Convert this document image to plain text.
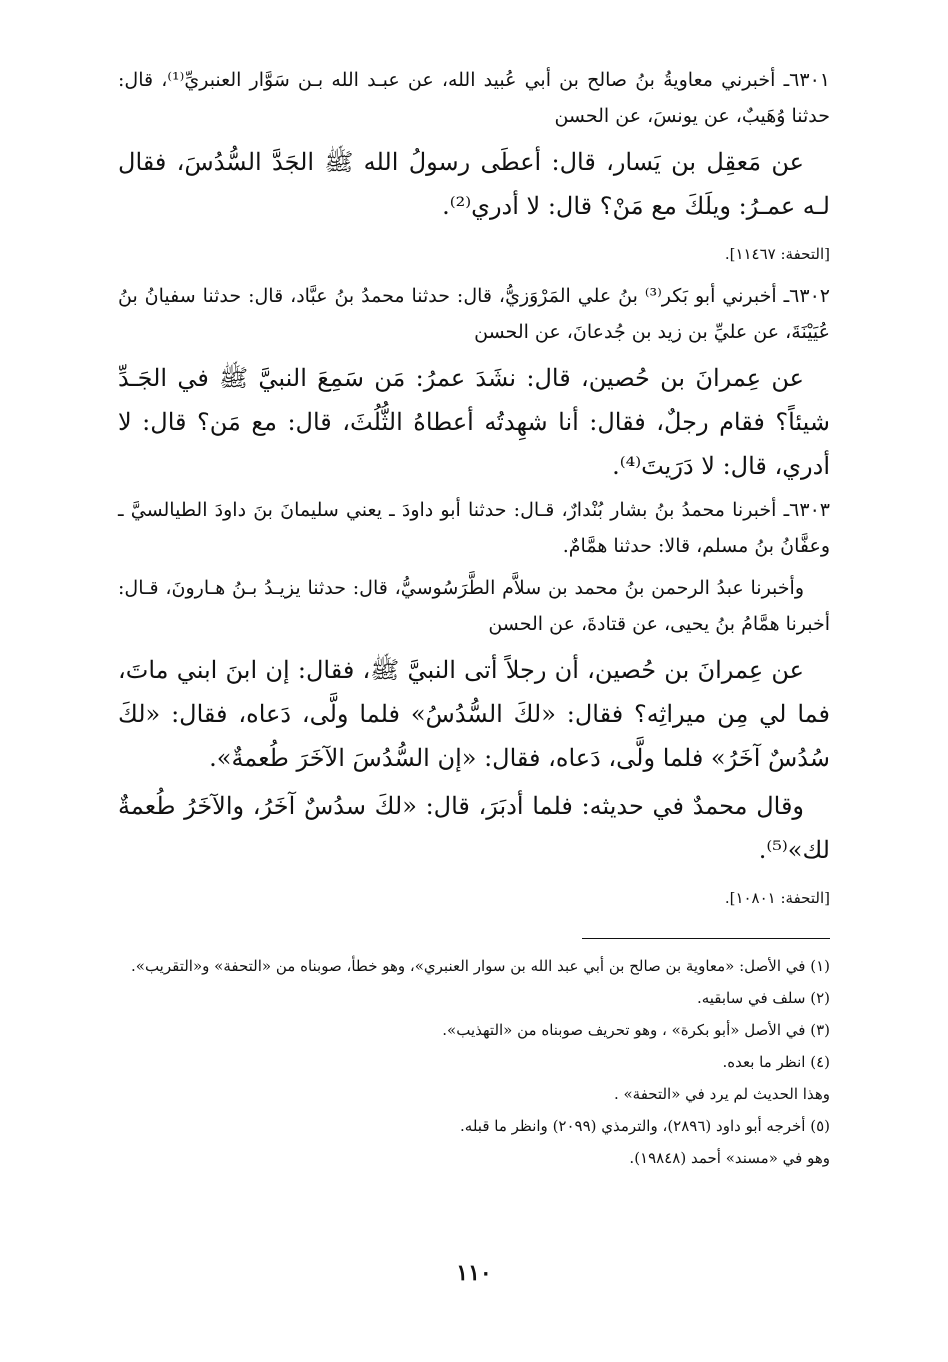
٦٣٠١ـ أخبرني معاويةُ بنُ صالح بن أبي عُبيد الله، عن عبـد الله بـن سَوَّار العنبريِّ⁽¹⁾، قال: حدثنا وُهَيبٌ، عن يونسَ، عن الحسن

عن مَعقِل بن يَسار، قال: أعطَى رسولُ الله ﷺ الجَدَّ السُّدُسَ، فقال لـه عمـرُ: ويلَكَ مع مَنْ؟ قال: لا أدري⁽²⁾.

[التحفة: ١١٤٦٧].

٦٣٠٢ـ أخبرني أبو بَكر⁽³⁾ بنُ علي المَرْوَزيُّ، قال: حدثنا محمدُ بنُ عبَّاد، قال: حدثنا سفيانُ بنُ عُيَيْنَةَ، عن عليِّ بن زيد بن جُدعانَ، عن الحسن

عن عِمرانَ بن حُصين، قال: نشَدَ عمرُ: مَن سَمِعَ النبيَّ ﷺ في الجَـدِّ شيئاً؟ فقام رجلٌ، فقال: أنا شهِدتُه أعطاهُ الثُّلُثَ، قال: مع مَن؟ قال: لا أدري، قال: لا دَرَيتَ⁽⁴⁾.

٦٣٠٣ـ أخبرنا محمدُ بنُ بشار بُنْدارٌ، قـال: حدثنا أبو داودَ ـ يعني سليمانَ بنَ داودَ الطيالسيَّ ـ وعفَّانُ بنُ مسلم، قالا: حدثنا همَّامٌ.

وأخبرنا عبدُ الرحمن بنُ محمد بن سلاَّم الطَّرَسُوسيُّ، قال: حدثنا يزيـدُ بـنُ هـارونَ، قـال: أخبرنا همَّامُ بنُ يحيى، عن قتادةَ، عن الحسن

عن عِمرانَ بن حُصين، أن رجلاً أتى النبيَّ ﷺ، فقال: إن ابنَ ابني ماتَ، فما لي مِن ميراثِه؟ فقال: «لكَ السُّدُسُ» فلما ولَّى، دَعاه، فقال: «لكَ سُدُسٌ آخَرُ» فلما ولَّى، دَعاه، فقال: «إن السُّدُسَ الآخَرَ طُعمةٌ».

وقال محمدٌ في حديثه: فلما أدبَرَ، قال: «لكَ سدُسٌ آخَرُ، والآخَرُ طُعمةٌ لك»⁽⁵⁾.

[التحفة: ١٠٨٠١].

(١) في الأصل: «معاوية بن صالح بن أبي عبد الله بن سوار العنبري»، وهو خطأ، صوبناه من «التحفة» و«التقريب».

(٢) سلف في سابقيه.

(٣) في الأصل «أبو بكرة» ، وهو تحريف صوبناه من «التهذيب».

(٤) انظر ما بعده.

وهذا الحديث لم يرد في «التحفة» .

(٥) أخرجه أبو داود (٢٨٩٦)، والترمذي (٢٠٩٩) وانظر ما قبله.

وهو في «مسند» أحمد (١٩٨٤٨).

١١٠
